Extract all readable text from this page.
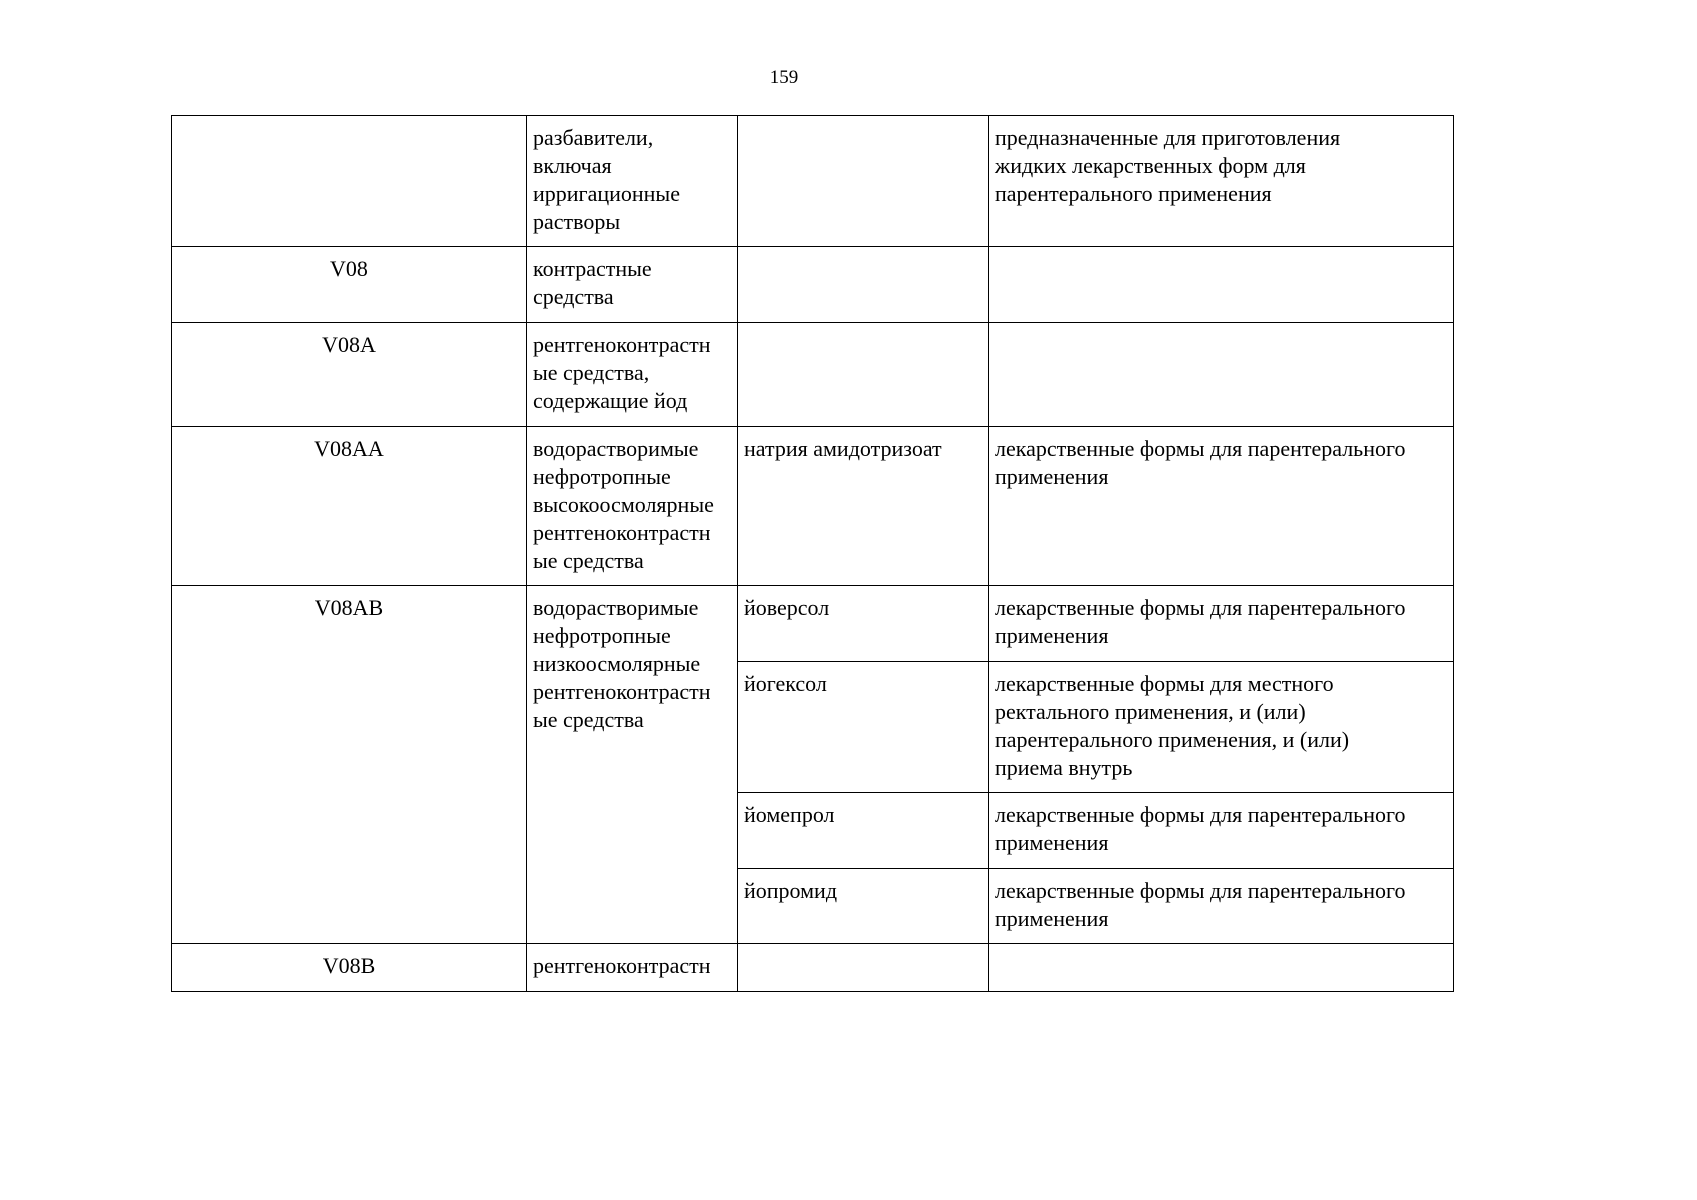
159

	разбавители,
включая
ирригационные
растворы		предназначенные для приготовления
жидких лекарственных форм для
парентерального применения

V08	контрастные
средства		

V08A	рентгеноконтрастн
ые средства,
содержащие йод		

V08AA	водорастворимые
нефротропные
высокоосмолярные
рентгеноконтрастн
ые средства	натрия амидотризоат	лекарственные формы для парентерального
применения

V08AB	водорастворимые
нефротропные
низкоосмолярные
рентгеноконтрастн
ые средства	йоверсол	лекарственные формы для парентерального
применения

		йогексол	лекарственные формы для местного
ректального применения, и (или)
парентерального применения, и (или)
приема внутрь

		йомепрол	лекарственные формы для парентерального
применения

		йопромид	лекарственные формы для парентерального
применения

V08B	рентгеноконтрастн		
